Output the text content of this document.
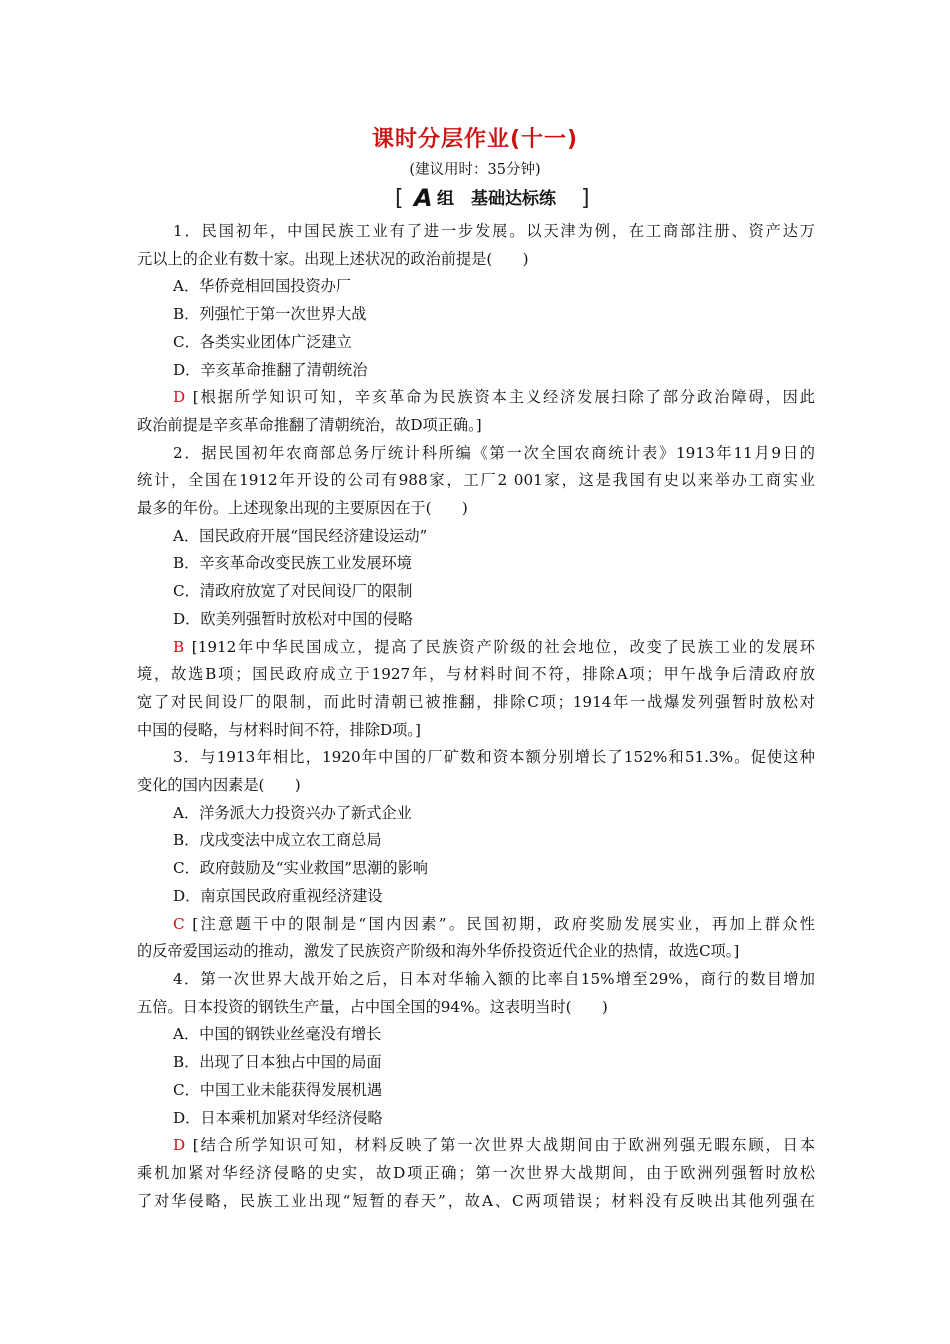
课时分层作业(十一)
(建议用时：35分钟)
[ A 组　基础达标练 ]

1．民国初年，中国民族工业有了进一步发展。以天津为例，在工商部注册、资产达万

元以上的企业有数十家。出现上述状况的政治前提是(　　)

A．华侨竞相回国投资办厂

B．列强忙于第一次世界大战

C．各类实业团体广泛建立

D．辛亥革命推翻了清朝统治

D  [根据所学知识可知，辛亥革命为民族资本主义经济发展扫除了部分政治障碍，因此

政治前提是辛亥革命推翻了清朝统治，故D项正确。]

2．据民国初年农商部总务厅统计科所编《第一次全国农商统计表》1913年11月9日的

统计，全国在1912年开设的公司有988家，工厂2 001家，这是我国有史以来举办工商实业

最多的年份。上述现象出现的主要原因在于(　　)

A．国民政府开展“国民经济建设运动”

B．辛亥革命改变民族工业发展环境

C．清政府放宽了对民间设厂的限制

D．欧美列强暂时放松对中国的侵略

B  [1912年中华民国成立，提高了民族资产阶级的社会地位，改变了民族工业的发展环

境，故选B项；国民政府成立于1927年，与材料时间不符，排除A项；甲午战争后清政府放

宽了对民间设厂的限制，而此时清朝已被推翻，排除C项；1914年一战爆发列强暂时放松对

中国的侵略，与材料时间不符，排除D项。]

3．与1913年相比，1920年中国的厂矿数和资本额分别增长了152%和51.3%。促使这种

变化的国内因素是(　　)

A．洋务派大力投资兴办了新式企业

B．戊戌变法中成立农工商总局

C．政府鼓励及“实业救国”思潮的影响

D．南京国民政府重视经济建设

C  [注意题干中的限制是“国内因素”。民国初期，政府奖励发展实业，再加上群众性

的反帝爱国运动的推动，激发了民族资产阶级和海外华侨投资近代企业的热情，故选C项。]

4．第一次世界大战开始之后，日本对华输入额的比率自15%增至29%，商行的数目增加

五倍。日本投资的钢铁生产量，占中国全国的94%。这表明当时(　　)

A．中国的钢铁业丝毫没有增长

B．出现了日本独占中国的局面

C．中国工业未能获得发展机遇

D．日本乘机加紧对华经济侵略

D  [结合所学知识可知，材料反映了第一次世界大战期间由于欧洲列强无暇东顾，日本

乘机加紧对华经济侵略的史实，故D项正确；第一次世界大战期间，由于欧洲列强暂时放松

了对华侵略，民族工业出现“短暂的春天”，故A、C两项错误；材料没有反映出其他列强在
